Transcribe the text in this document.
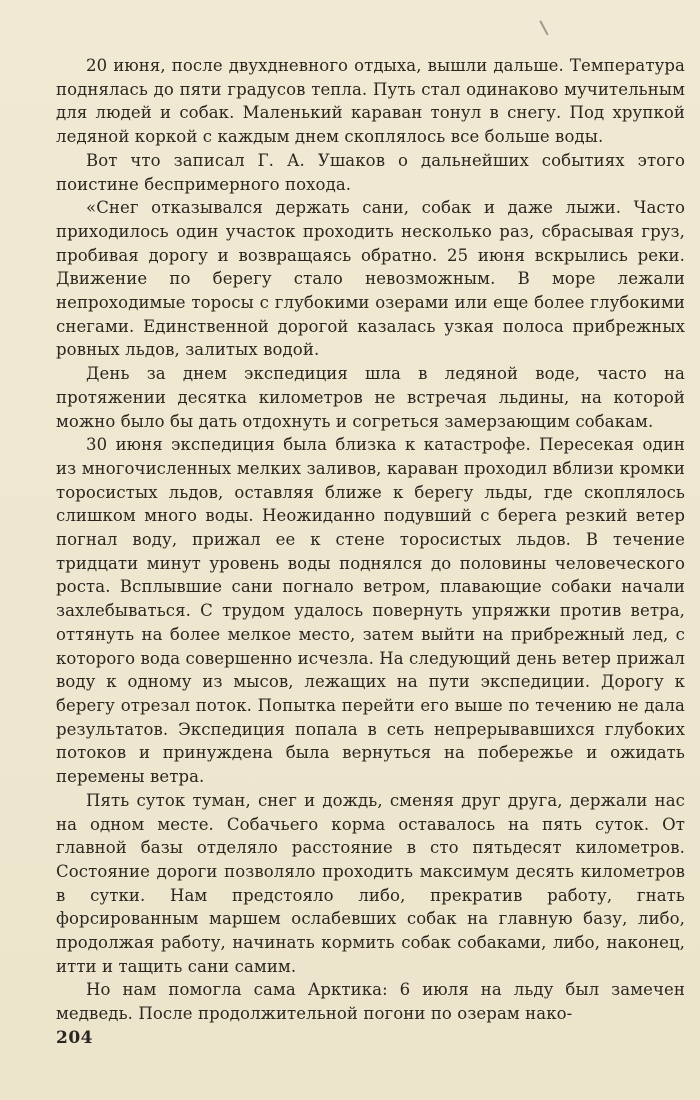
20 июня, после двухдневного отдыха, вышли дальше. Температура поднялась до пяти градусов тепла. Путь стал одинаково мучительным для людей и собак. Маленький караван тонул в снегу. Под хрупкой ледяной коркой с каждым днем скоплялось все больше воды.

Вот что записал Г. А. Ушаков о дальнейших событиях этого поистине беспримерного похода.

«Снег отказывался держать сани, собак и даже лыжи. Часто приходилось один участок проходить несколько раз, сбрасывая груз, пробивая дорогу и возвращаясь обратно. 25 июня вскрылись реки. Движение по берегу стало невозможным. В море лежали непроходимые торосы с глубокими озерами или еще более глубокими снегами. Единственной дорогой казалась узкая полоса прибрежных ровных льдов, залитых водой.

День за днем экспедиция шла в ледяной воде, часто на протяжении десятка километров не встречая льдины, на которой можно было бы дать отдохнуть и согреться замерзающим собакам.

30 июня экспедиция была близка к катастрофе. Пересекая один из многочисленных мелких заливов, караван проходил вблизи кромки торосистых льдов, оставляя ближе к берегу льды, где скоплялось слишком много воды. Неожиданно подувший с берега резкий ветер погнал воду, прижал ее к стене торосистых льдов. В течение тридцати минут уровень воды поднялся до половины человеческого роста. Всплывшие сани погнало ветром, плавающие собаки начали захлебываться. С трудом удалось повернуть упряжки против ветра, оттянуть на более мелкое место, затем выйти на прибрежный лед, с которого вода совершенно исчезла. На следующий день ветер прижал воду к одному из мысов, лежащих на пути экспедиции. Дорогу к берегу отрезал поток. Попытка перейти его выше по течению не дала результатов. Экспедиция попала в сеть непрерывавшихся глубоких потоков и принуждена была вернуться на побережье и ожидать перемены ветра.

Пять суток туман, снег и дождь, сменяя друг друга, держали нас на одном месте. Собачьего корма оставалось на пять суток. От главной базы отделяло расстояние в сто пятьдесят километров. Состояние дороги позволяло проходить максимум десять километров в сутки. Нам предстояло либо, прекратив работу, гнать форсированным маршем ослабевших собак на главную базу, либо, продолжая работу, начинать кормить собак собаками, либо, наконец, итти и тащить сани самим.

Но нам помогла сама Арктика: 6 июля на льду был замечен медведь. После продолжительной погони по озерам нако-

204
